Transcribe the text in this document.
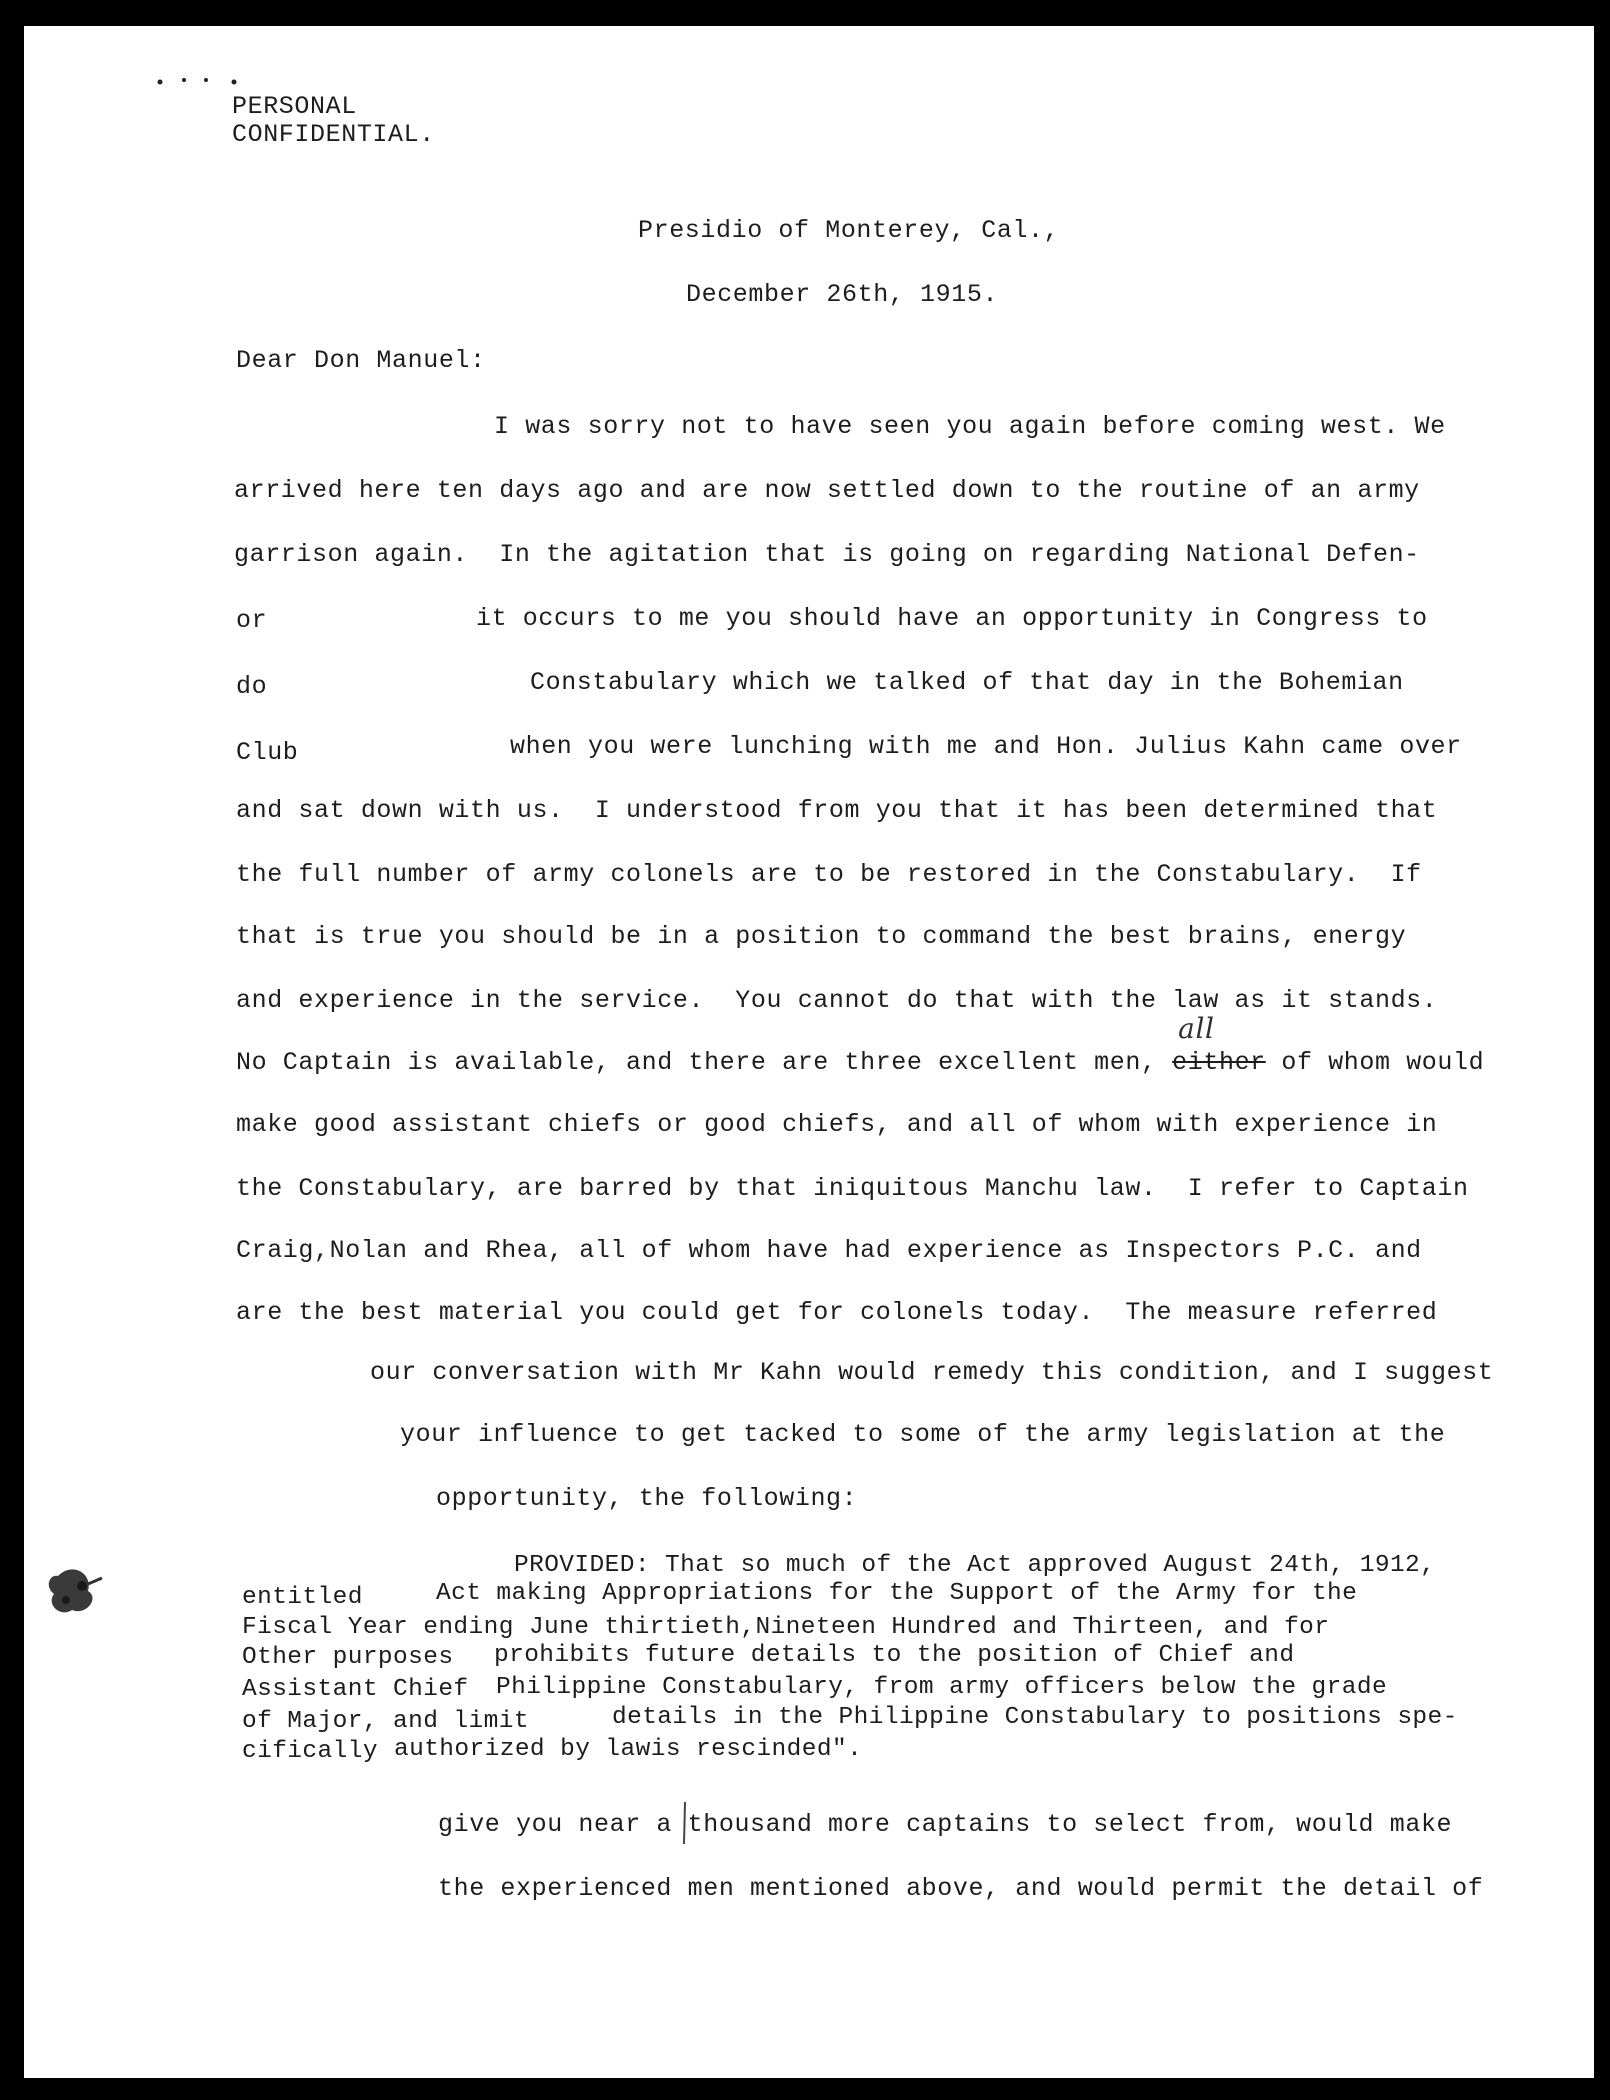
PERSONAL

CONFIDENTIAL.

Presidio of Monterey, Cal.,

December 26th, 1915.

Dear Don Manuel:

I was sorry not to have seen you again before coming west. We

arrived here ten days ago and are now settled down to the routine of an army

garrison again.  In the agitation that is going on regarding National Defen-

or	it occurs to me you should have an opportunity in Congress to

do	Constabulary which we talked of that day in the Bohemian

Club	when you were lunching with me and Hon. Julius Kahn came over

and sat down with us.  I understood from you that it has been determined that

the full number of army colonels are to be restored in the Constabulary.  If

that is true you should be in a position to command the best brains, energy

and experience in the service.  You cannot do that with the law as it stands.

No Captain is available, and there are three excellent men,
all
either of whom would

make good assistant chiefs or good chiefs, and all of whom with experience in

the Constabulary, are barred by that iniquitous Manchu law.  I refer to Captain

Craig,Nolan and Rhea, all of whom have had experience as Inspectors P.C. and

are the best material you could get for colonels today.  The measure referred

our conversation with Mr Kahn would remedy this condition, and I suggest

your influence to get tacked to some of the army legislation at the

opportunity, the following:

PROVIDED: That so much of the Act approved August 24th, 1912,

entitled	Act making Appropriations for the Support of the Army for the

Fiscal Year ending June thirtieth,Nineteen Hundred and Thirteen, and for

Other purposes prohibits future details to the position of Chief and

Assistant Chief Philippine Constabulary, from army officers below the grade

of Major, and limit	details in the Philippine Constabulary to positions spe-

cifically authorized by lawis rescinded".

give you near a thousand more captains to select from, would make

the experienced men mentioned above, and would permit the detail of
